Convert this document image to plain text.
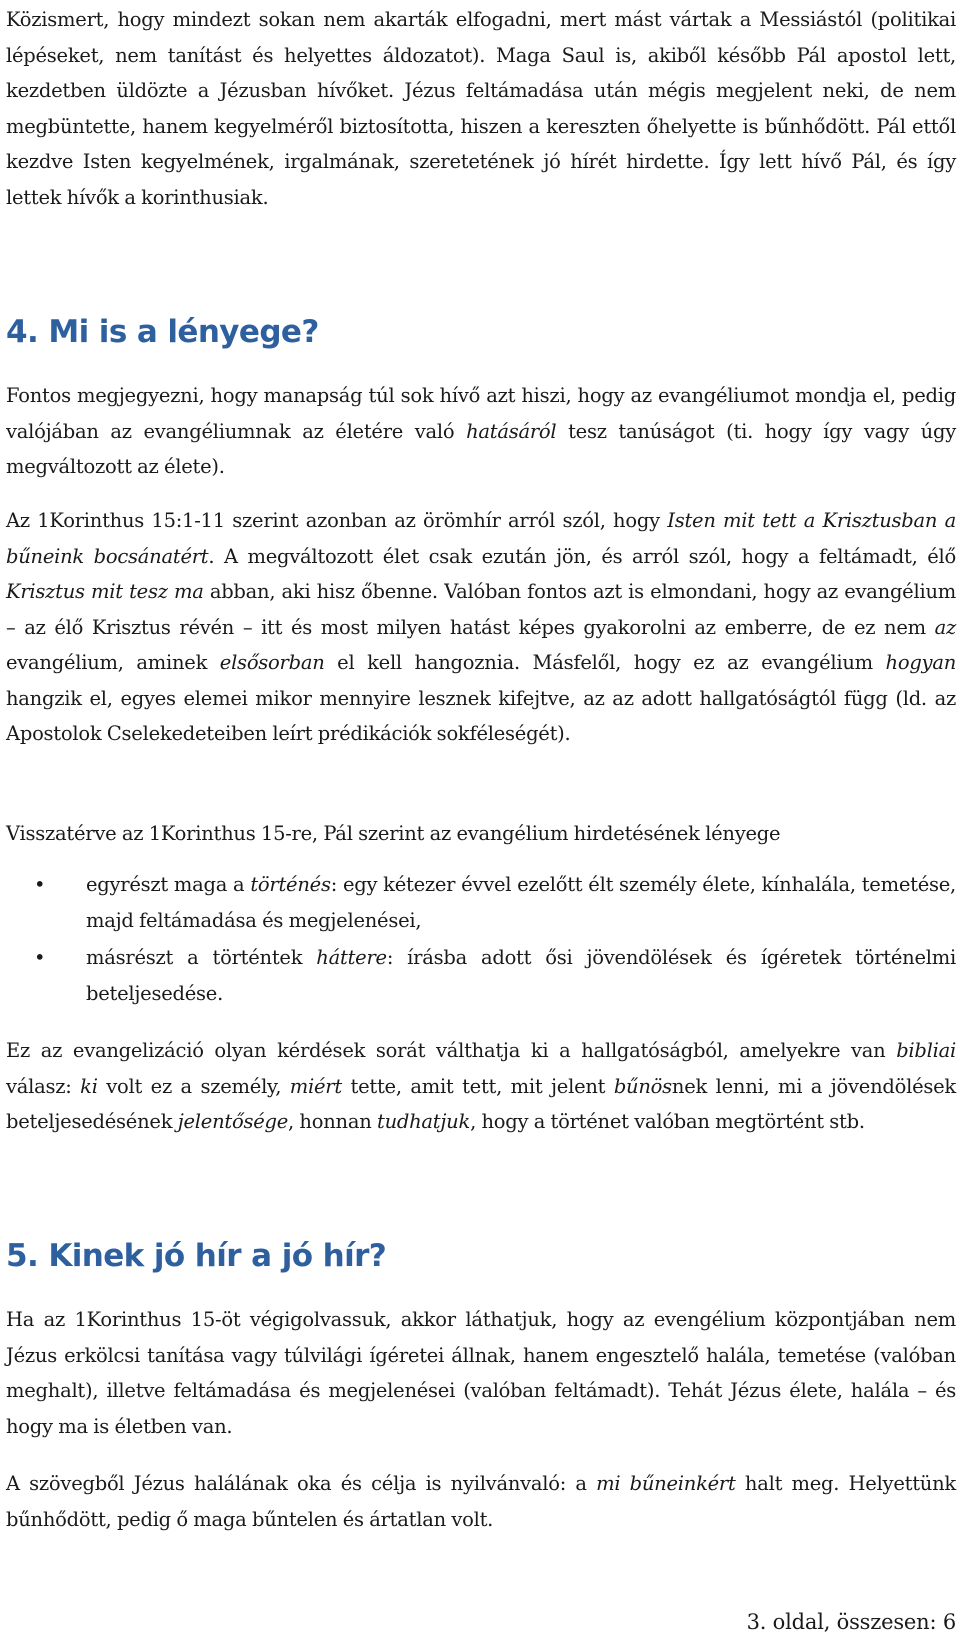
Közismert, hogy mindezt sokan nem akarták elfogadni, mert mást vártak a Messiástól (politikai lépéseket, nem tanítást és helyettes áldozatot). Maga Saul is, akiből később Pál apostol lett, kezdetben üldözte a Jézusban hívőket. Jézus feltámadása után mégis megjelent neki, de nem megbüntette, hanem kegyelméről biztosította, hiszen a kereszten őhelyette is bűnhődött. Pál ettől kezdve Isten kegyelmének, irgalmának, szeretetének jó hírét hirdette. Így lett hívő Pál, és így lettek hívők a korinthusiak.

4. Mi is a lényege?

Fontos megjegyezni, hogy manapság túl sok hívő azt hiszi, hogy az evangéliumot mondja el, pedig valójában az evangéliumnak az életére való hatásáról tesz tanúságot (ti. hogy így vagy úgy megváltozott az élete).

Az 1Korinthus 15:1-11 szerint azonban az örömhír arról szól, hogy Isten mit tett a Krisztusban a bűneink bocsánatért. A megváltozott élet csak ezután jön, és arról szól, hogy a feltámadt, élő Krisztus mit tesz ma abban, aki hisz őbenne. Valóban fontos azt is elmondani, hogy az evangélium – az élő Krisztus révén – itt és most milyen hatást képes gyakorolni az emberre, de ez nem az evangélium, aminek elsősorban el kell hangoznia. Másfelől, hogy ez az evangélium hogyan hangzik el, egyes elemei mikor mennyire lesznek kifejtve, az az adott hallgatóságtól függ (ld. az Apostolok Cselekedeteiben leírt prédikációk sokféleségét).

Visszatérve az 1Korinthus 15-re, Pál szerint az evangélium hirdetésének lényege

• egyrészt maga a történés: egy kétezer évvel ezelőtt élt személy élete, kínhalála, temetése, majd feltámadása és megjelenései,

• másrészt a történtek háttere: írásba adott ősi jövendölések és ígéretek történelmi beteljesedése.

Ez az evangelizáció olyan kérdések sorát válthatja ki a hallgatóságból, amelyekre van bibliai válasz: ki volt ez a személy, miért tette, amit tett, mit jelent bűnösnek lenni, mi a jövendölések beteljesedésének jelentősége, honnan tudhatjuk, hogy a történet valóban megtörtént stb.

5. Kinek jó hír a jó hír?

Ha az 1Korinthus 15-öt végigolvassuk, akkor láthatjuk, hogy az evengélium központjában nem Jézus erkölcsi tanítása vagy túlvilági ígéretei állnak, hanem engesztelő halála, temetése (valóban meghalt), illetve feltámadása és megjelenései (valóban feltámadt). Tehát Jézus élete, halála – és hogy ma is életben van.

A szövegből Jézus halálának oka és célja is nyilvánvaló: a mi bűneinkért halt meg. Helyettünk bűnhődött, pedig ő maga bűntelen és ártatlan volt.

3. oldal, összesen: 6
